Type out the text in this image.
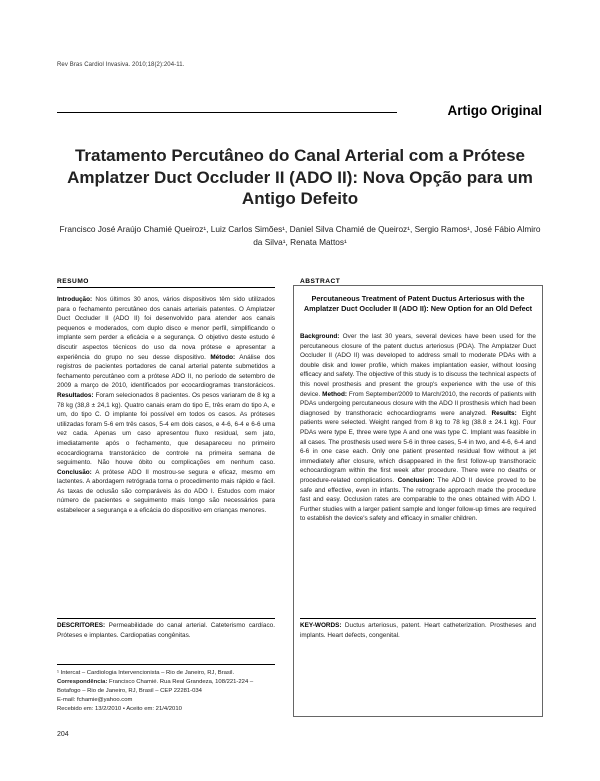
Rev Bras Cardiol Invasiva. 2010;18(2):204-11.
Artigo Original
Tratamento Percutâneo do Canal Arterial com a Prótese Amplatzer Duct Occluder II (ADO II): Nova Opção para um Antigo Defeito
Francisco José Araújo Chamié Queiroz¹, Luiz Carlos Simões¹, Daniel Silva Chamié de Queiroz¹, Sergio Ramos¹, José Fábio Almiro da Silva¹, Renata Mattos¹
RESUMO
Introdução: Nos últimos 30 anos, vários dispositivos têm sido utilizados para o fechamento percutâneo dos canais arteriais patentes. O Amplatzer Duct Occluder II (ADO II) foi desenvolvido para atender aos canais pequenos e moderados, com duplo disco e menor perfil, simplificando o implante sem perder a eficácia e a segurança. O objetivo deste estudo é discutir aspectos técnicos do uso da nova prótese e apresentar a experiência do grupo no seu desse dispositivo. Método: Análise dos registros de pacientes portadores de canal arterial patente submetidos a fechamento percutâneo com a prótese ADO II, no período de setembro de 2009 a março de 2010, identificados por ecocardiogramas transtorácicos. Resultados: Foram selecionados 8 pacientes. Os pesos variaram de 8 kg a 78 kg (38,8 ± 24,1 kg). Quatro canais eram do tipo E, três eram do tipo A, e um, do tipo C. O implante foi possível em todos os casos. As próteses utilizadas foram 5-6 em três casos, 5-4 em dois casos, e 4-6, 6-4 e 6-6 uma vez cada. Apenas um caso apresentou fluxo residual, sem jato, imediatamente após o fechamento, que desapareceu no primeiro ecocardiograma transtorácico de controle na primeira semana de seguimento. Não houve óbito ou complicações em nenhum caso. Conclusão: A prótese ADO II mostrou-se segura e eficaz, mesmo em lactentes. A abordagem retrógrada torna o procedimento mais rápido e fácil. As taxas de oclusão são comparáveis às do ADO I. Estudos com maior número de pacientes e seguimento mais longo são necessários para estabelecer a segurança e a eficácia do dispositivo em crianças menores.
DESCRITORES: Permeabilidade do canal arterial. Cateterismo cardíaco. Próteses e implantes. Cardiopatias congênitas.
ABSTRACT
Percutaneous Treatment of Patent Ductus Arteriosus with the Amplatzer Duct Occluder II (ADO II): New Option for an Old Defect
Background: Over the last 30 years, several devices have been used for the percutaneous closure of the patent ductus arteriosus (PDA). The Amplatzer Duct Occluder II (ADO II) was developed to address small to moderate PDAs with a double disk and lower profile, which makes implantation easier, without loosing efficacy and safety. The objective of this study is to discuss the technical aspects of this novel prosthesis and present the group's experience with the use of this device. Method: From September/2009 to March/2010, the records of patients with PDAs undergoing percutaneous closure with the ADO II prosthesis which had been diagnosed by transthoracic echocardiograms were analyzed. Results: Eight patients were selected. Weight ranged from 8 kg to 78 kg (38.8 ± 24.1 kg). Four PDAs were type E, three were type A and one was type C. Implant was feasible in all cases. The prosthesis used were 5-6 in three cases, 5-4 in two, and 4-6, 6-4 and 6-6 in one case each. Only one patient presented residual flow without a jet immediately after closure, which disappeared in the first follow-up transthoracic echocardiogram within the first week after procedure. There were no deaths or procedure-related complications. Conclusion: The ADO II device proved to be safe and effective, even in infants. The retrograde approach made the procedure fast and easy. Occlusion rates are comparable to the ones obtained with ADO I. Further studies with a larger patient sample and longer follow-up times are required to establish the device's safety and efficacy in smaller children.
KEY-WORDS: Ductus arteriosus, patent. Heart catheterization. Prostheses and implants. Heart defects, congenital.
¹ Intercat – Cardiologia Intervencionista – Rio de Janeiro, RJ, Brasil.
Correspondência: Francisco Chamié. Rua Real Grandeza, 108/221-224 – Botafogo – Rio de Janeiro, RJ, Brasil – CEP 22281-034
E-mail: fchamie@yahoo.com
Recebido em: 13/2/2010 • Aceito em: 21/4/2010
204
